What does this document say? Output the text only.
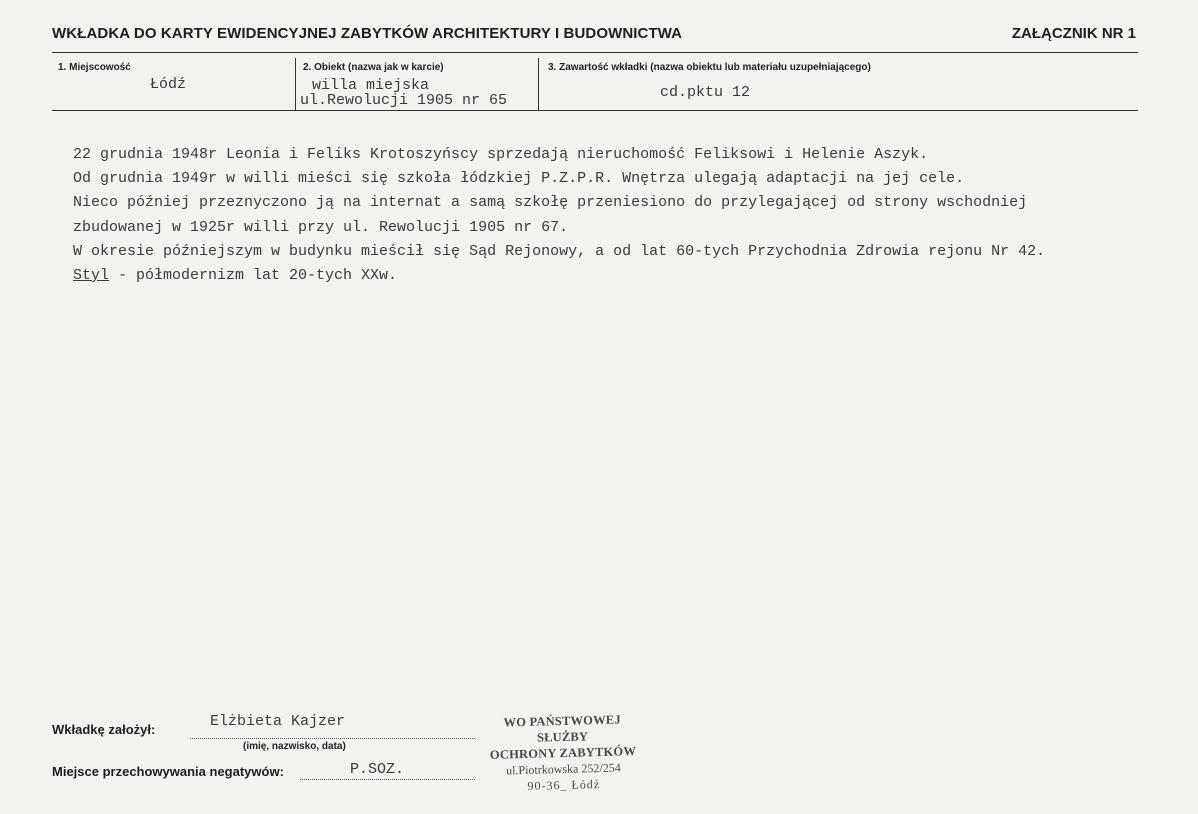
WKŁADKA DO KARTY EWIDENCYJNEJ ZABYTKÓW ARCHITEKTURY I BUDOWNICTWA	ZAŁĄCZNIK NR 1
1. Miejscowość
Łódź
2. Obiekt (nazwa jak w karcie)
willa miejska
ul.Rewolucji 1905 nr 65
3. Zawartość wkładki (nazwa obiektu lub materiału uzupełniającego)
cd.pktu 12
22 grudnia 1948r Leonia i Feliks Krotoszyńscy sprzedają nieruchomość Feliksowi i Helenie Aszyk.
Od grudnia 1949r w willi mieści się szkoła łódzkiej P.Z.P.R. Wnętrza ulegają adaptacji na jej cele.
Nieco później przeznyczono ją na internat a samą szkołę przeniesiono do przylegającej od strony wschodniej
zbudowanej w 1925r willi przy ul. Rewolucji 1905 nr 67.
W okresie późniejszym w budynku mieścił się Sąd Rejonowy, a od lat 60-tych Przychodnia Zdrowia rejonu Nr 42.
Styl - półmodernizm lat 20-tych XXw.
Wkładkę założył:	Elżbieta Kajzer
(imię, nazwisko, data)
Miejsce przechowywania negatywów:	P.SOZ.
WO PAŃSTWOWEJ SŁUŻBY
OCHRONY ZABYTKÓW
ul.Piotrkowska 252/254
90-36_ Łódź
